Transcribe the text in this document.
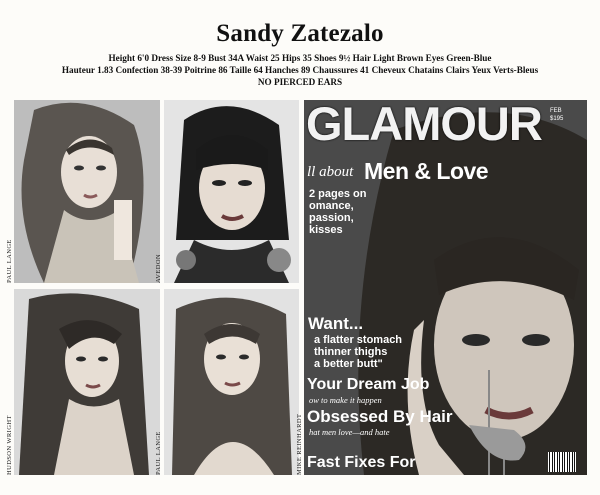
Sandy Zatezalo
Height 6'0 Dress Size 8-9 Bust 34A Waist 25 Hips 35 Shoes 9½ Hair Light Brown Eyes Green-Blue
Hauteur 1.83 Confection 38-39 Poitrine 86 Taille 64 Hanches 89 Chaussures 41 Cheveux Chatains Clairs Yeux Verts-Bleus
NO PIERCED EARS
PAUL LANGE	AVEDON
HUDSON WRIGHT	PAUL LANGE
GLAMOUR FEB
$195
ll about Men & Love
2 pages on
omance,
passion,
kisses
Want...
a flatter stomach
thinner thighs
a better butt"
Your Dream Job
ow to make it happen
Obsessed By Hair
hat men love—and hate
Fast Fixes For
MIKE REINHARDT
